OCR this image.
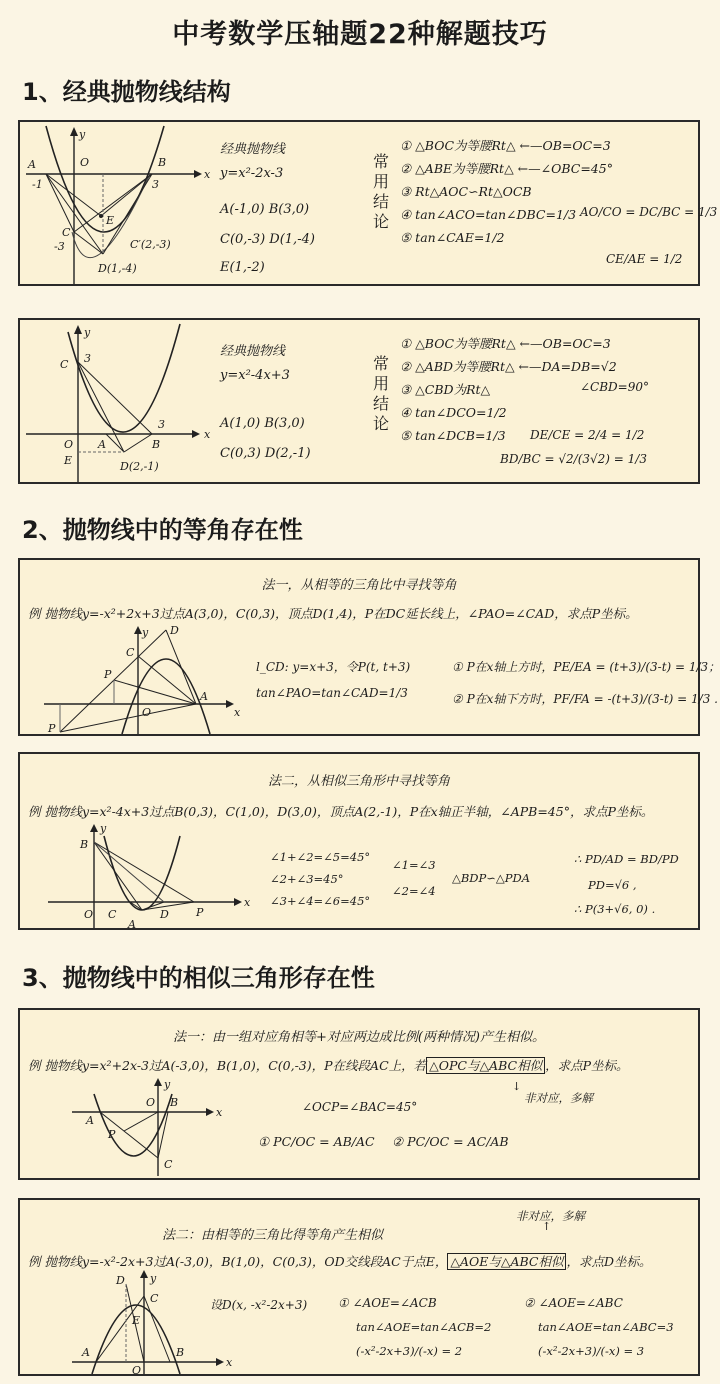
中考数学压轴题22种解题技巧
1、经典抛物线结构
y
x
A	O	B
-1	3
E
C
-3	C′(2,-3)
D(1,-4)
经典抛物线
y=x²-2x-3
A(-1,0) B(3,0)
C(0,-3) D(1,-4)
E(1,-2)
常
用
结
论
① △BOC为等腰Rt△ ←—OB=OC=3
② △ABE为等腰Rt△ ←—∠OBC=45°
③ Rt△AOC∽Rt△OCB
④ tan∠ACO=tan∠DBC=1/3
⑤ tan∠CAE=1/2
AO/CO = DC/BC = 1/3
CE/AE = 1/2
y
x
C 3
O A	B
E
3
D(2,-1)
经典抛物线
y=x²-4x+3
A(1,0) B(3,0)
C(0,3) D(2,-1)
常
用
结
论
① △BOC为等腰Rt△ ←—OB=OC=3
② △ABD为等腰Rt△ ←—DA=DB=√2
③ △CBD为Rt△
④ tan∠DCO=1/2
⑤ tan∠DCB=1/3
∠CBD=90°
DE/CE = 2/4 = 1/2
BD/BC = √2/(3√2) = 1/3
2、抛物线中的等角存在性
法一，从相等的三角比中寻找等角
例 抛物线y=-x²+2x+3过点A(3,0)，C(0,3)，顶点D(1,4)，P在DC延长线上，∠PAO=∠CAD，求点P坐标。
y D
C
P
O
A
x
P
l_CD: y=x+3，令P(t, t+3)
tan∠PAO=tan∠CAD=1/3
① P在x轴上方时，PE/EA = (t+3)/(3-t) = 1/3；
② P在x轴下方时，PF/FA = -(t+3)/(3-t) = 1/3 .
法二，从相似三角形中寻找等角
例 抛物线y=x²-4x+3过点B(0,3)，C(1,0)，D(3,0)，顶点A(2,-1)，P在x轴正半轴，∠APB=45°，求点P坐标。
y
B
x
O C	D P
A
∠1+∠2=∠5=45°
∠2+∠3=45°
∠3+∠4=∠6=45°
∠1=∠3
∠2=∠4
△BDP∽△PDA
∴ PD/AD = BD/PD
PD=√6 ,
∴ P(3+√6, 0) .
3、抛物线中的相似三角形存在性
法一：由一组对应角相等+对应两边成比例(两种情况)产生相似。
例 抛物线y=x²+2x-3过A(-3,0)，B(1,0)，C(0,-3)，P在线段AC上，若 △OPC与△ABC相似 ，求点P坐标。
↓
非对应，多解
y
x
O B
A
P
C
∠OCP=∠BAC=45°
① PC/OC = AB/AC ② PC/OC = AC/AB
法二：由相等的三角比得等角产生相似
非对应，多解
↑
例 抛物线y=-x²-2x+3过A(-3,0)，B(1,0)，C(0,3)，OD交线段AC于点E， △AOE与△ABC相似 ，求点D坐标。
y
D
C
E
A
O
B
x
设D(x, -x²-2x+3)	① ∠AOE=∠ACB
tan∠AOE=tan∠ACB=2
(-x²-2x+3)/(-x) = 2
② ∠AOE=∠ABC
tan∠AOE=tan∠ABC=3
(-x²-2x+3)/(-x) = 3
